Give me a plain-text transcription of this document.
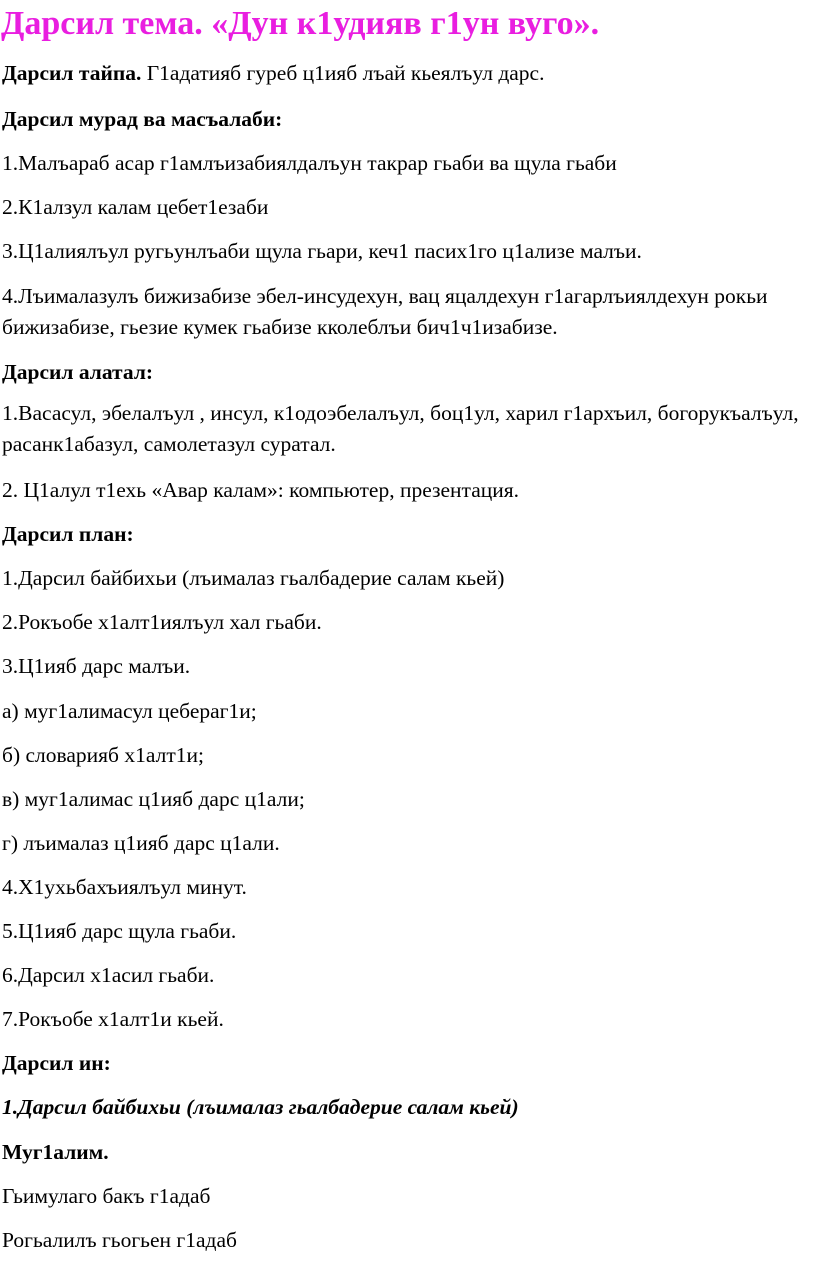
Дарсил тема. «Дун к1удияв г1ун вуго».
Дарсил тайпа. Г1адатияб гуреб ц1ияб лъай кьеялъул дарс.
Дарсил мурад ва масъалаби:
1.Малъараб асар г1амлъизабиялдалъун такрар гьаби ва щула гьаби
2.К1алзул калам цебет1езаби
3.Ц1алиялъул ругьунлъаби щула гьари, кеч1 пасих1го ц1ализе малъи.
4.Лъималазулъ бижизабизе эбел-инсудехун, вац яцалдехун г1агарлъиялдехун рокьи бижизабизе, гьезие кумек гьабизе кколеблъи бич1ч1изабизе.
Дарсил алатал:
1.Васасул, эбелалъул , инсул, к1одоэбелалъул, боц1ул, харил г1архъил, богорукъалъул, расанк1абазул, самолетазул суратал.
2. Ц1алул т1ехь «Авар калам»: компьютер, презентация.
Дарсил план:
1.Дарсил байбихьи (лъималаз гьалбадерие салам кьей)
2.Рокъобе х1алт1иялъул хал гьаби.
3.Ц1ияб дарс малъи.
а) муг1алимасул цебераг1и;
б) словарияб х1алт1и;
в) муг1алимас ц1ияб дарс ц1али;
г) лъималаз ц1ияб дарс ц1али.
4.Х1ухьбахъиялъул минут.
5.Ц1ияб дарс щула гьаби.
6.Дарсил х1асил гьаби.
7.Рокъобе х1алт1и кьей.
Дарсил ин:
1.Дарсил байбихьи (лъималаз гьалбадерие салам кьей)
Муг1алим.
Гьимулаго бакъ г1адаб
Рогьалилъ гьогьен г1адаб
